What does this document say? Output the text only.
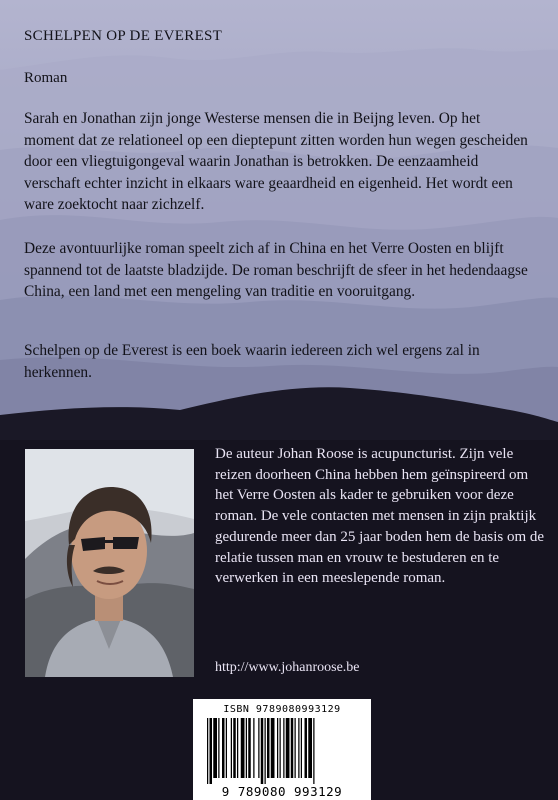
SCHELPEN OP DE EVEREST
Roman
Sarah en Jonathan zijn jonge Westerse mensen die in Beijng leven. Op het moment dat ze relationeel op een dieptepunt zitten worden hun wegen gescheiden door een vliegtuigongeval waarin Jonathan is betrokken. De eenzaamheid verschaft echter inzicht in elkaars ware geaardheid en eigenheid. Het wordt een ware zoektocht naar zichzelf.
Deze avontuurlijke roman speelt zich af in China en het Verre Oosten en blijft spannend tot de laatste bladzijde. De roman beschrijft de sfeer in het hedendaagse China, een land met een mengeling van traditie en vooruitgang.
Schelpen op de Everest is een boek waarin iedereen zich wel ergens zal in herkennen.
De auteur Johan Roose is acupuncturist. Zijn vele reizen doorheen China hebben hem geïnspireerd om het Verre Oosten als kader te gebruiken voor deze roman. De vele contacten met mensen in zijn praktijk gedurende meer dan 25 jaar boden hem de basis om de relatie tussen man en vrouw te bestuderen en te verwerken in een meeslepende roman.
http://www.johanroose.be
ISBN 9789080993129
9 789080 993129
